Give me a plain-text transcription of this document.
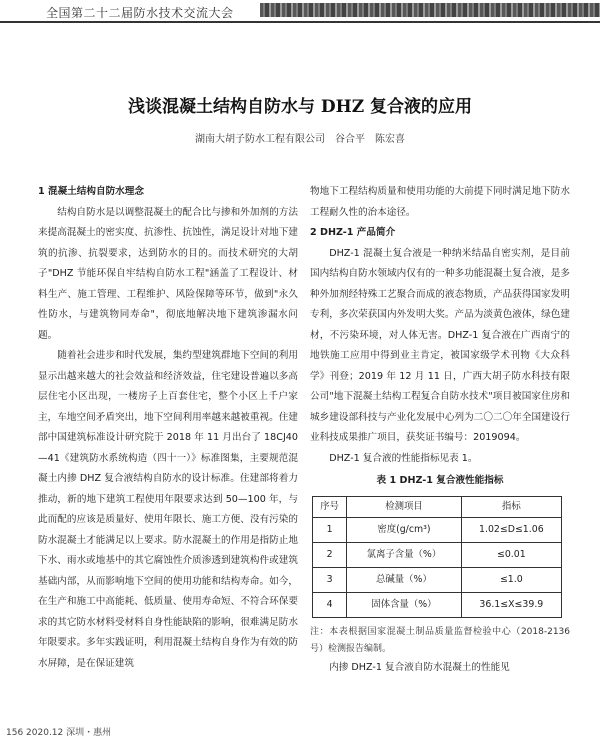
全国第二十二届防水技术交流大会
浅谈混凝土结构自防水与 DHZ 复合液的应用
湖南大胡子防水工程有限公司　谷合平　陈宏喜
1 混凝土结构自防水理念

结构自防水是以调整混凝土的配合比与掺和外加剂的方法来提高混凝土的密实度、抗渗性、抗蚀性，满足设计对地下建筑的抗渗、抗裂要求，达到防水的目的。而技术研究的大胡子"DHZ 节能环保自牢结构自防水工程"涵盖了工程设计、材料生产、施工管理、工程维护、风险保障等环节，做到"永久性防水，与建筑物同寿命"，彻底地解决地下建筑渗漏水问题。

随着社会进步和时代发展，集约型建筑群地下空间的利用显示出越来越大的社会效益和经济效益，住宅建设普遍以多高层住宅小区出现，一楼房子上百套住宅，整个小区上千户家主，车地空间矛盾突出，地下空间利用率越来越被重视。住建部中国建筑标准设计研究院于 2018 年 11 月出台了 18CJ40—41《建筑防水系统构造（四十一）》标准图集，主要规范混凝土内掺 DHZ 复合液结构自防水的设计标准。住建部将着力推动，新的地下建筑工程使用年限要求达到 50—100 年，与此而配的应该是质量好、使用年限长、施工方便、没有污染的防水混凝土才能满足以上要求。防水混凝土的作用是指防止地下水、雨水或地基中的其它腐蚀性介质渗透到建筑构件或建筑基础内部，从而影响地下空间的使用功能和结构寿命。如今，在生产和施工中高能耗、低质量、使用寿命短、不符合环保要求的其它防水材料受材料自身性能缺陷的影响，很难满足防水年限要求。多年实践证明，利用混凝土结构自身作为有效的防水屏障，是在保证建筑

物地下工程结构质量和使用功能的大前提下同时满足地下防水工程耐久性的治本途径。

2 DHZ-1 产品简介

DHZ-1 混凝土复合液是一种纳米结晶自密实剂，是目前国内结构自防水领域内仅有的一种多功能混凝土复合液，是多种外加剂经特殊工艺聚合而成的液态物质，产品获得国家发明专利，多次荣获国内外发明大奖。产品为淡黄色液体，绿色建材，不污染环境，对人体无害。DHZ-1 复合液在广西南宁的地铁施工应用中得到业主肯定，被国家级学术刊物《大众科学》刊登；2019 年 12 月 11 日，广西大胡子防水科技有限公司"地下混凝土结构工程复合自防水技术"项目被国家住房和城乡建设部科技与产业化发展中心列为二〇二〇年全国建设行业科技成果推广项目，获奖证书编号：2019094。

DHZ-1 复合液的性能指标见表 1。

表 1 DHZ-1 复合液性能指标
序号	检测项目	指标
1	密度(g/cm³)	1.02≤D≤1.06
2	氯离子含量（%）	≤0.01
3	总碱量（%）	≤1.0
4	固体含量（%）	36.1≤X≤39.9
注：本表根据国家混凝土制品质量监督检验中心（2018-2136 号）检测报告编制。

内掺 DHZ-1 复合液自防水混凝土的性能见

156 2020.12 深圳・惠州
